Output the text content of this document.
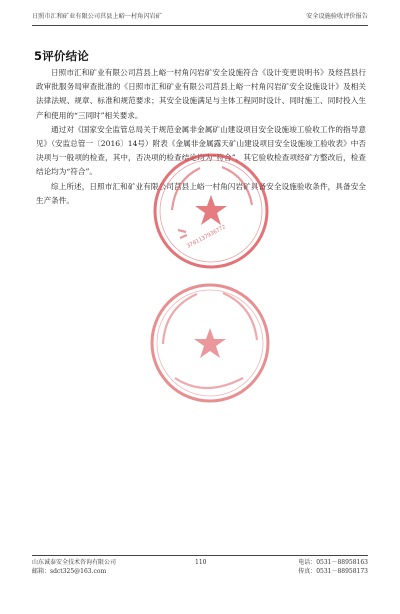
日照市汇和矿业有限公司莒县上峪一村角闪岩矿	安全设施验收评价报告
5评价结论

日照市汇和矿业有限公司莒县上峪一村角闪岩矿安全设施符合《设计变更说明书》及经莒县行政审批服务局审查批准的《日照市汇和矿业有限公司莒县上峪一村角闪岩矿安全设施设计》及相关法律法规、规章、标准和规范要求；其安全设施满足与主体工程同时设计、同时施工、同时投入生产和使用的“三同时”相关要求。

通过对《国家安全监管总局关于规范金属非金属矿山建设项目安全设施竣工验收工作的指导意见》（安监总管一〔2016〕14号）附表《金属非金属露天矿山建设项目安全设施竣工验收表》中否决项与一般项的检查，其中，否决项的检查结论均为“符合”，其它验收检查项经矿方整改后，检查结论均为“符合”。

综上所述，日照市汇和矿业有限公司莒县上峪一村角闪岩矿具备安全设施验收条件，具备安全生产条件。

3701137936772
山东诚泰安全技术咨询有限公司
邮箱：sdct325@163.com
110	电话：0531－88958163
传真：0531－88958173
